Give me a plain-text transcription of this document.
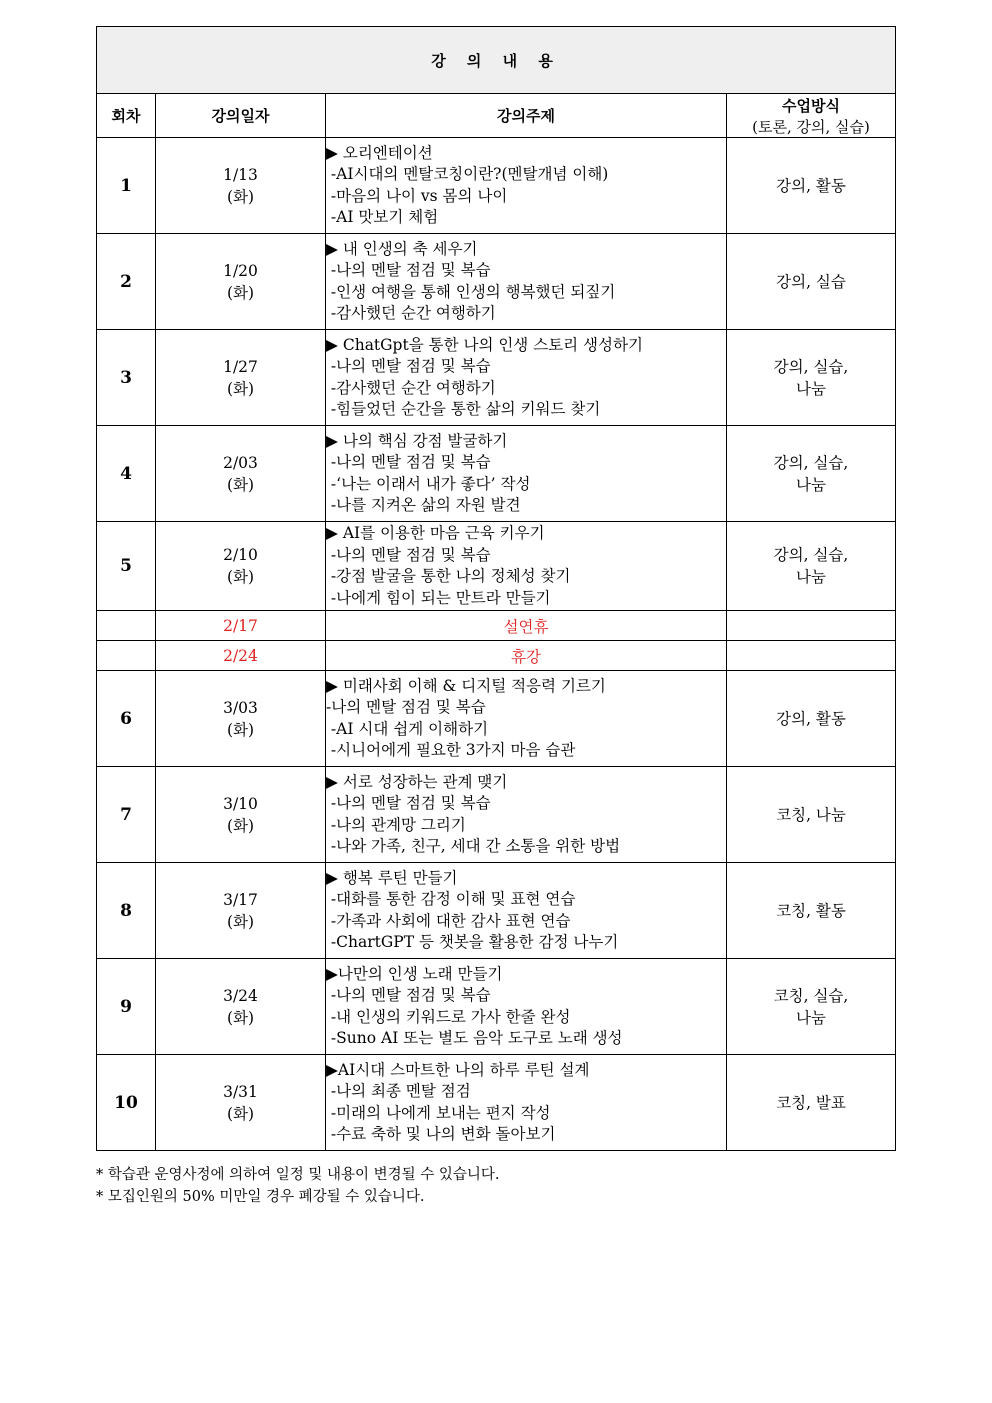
강 의 내 용			
회차	강의일자	강의주제	수업방식
(토론, 강의, 실습)

1	1/13
(화)	▶ 오리엔테이션
-AI시대의 멘탈코칭이란?(멘탈개념 이해)
-마음의 나이 vs 몸의 나이
-AI 맛보기 체험	강의, 활동

2	1/20
(화)	▶ 내 인생의 축 세우기
-나의 멘탈 점검 및 복습
-인생 여행을 통해 인생의 행복했던 되짚기
-감사했던 순간 여행하기	강의, 실습

3	1/27
(화)	▶ ChatGpt을 통한 나의 인생 스토리 생성하기
-나의 멘탈 점검 및 복습
-감사했던 순간 여행하기
-힘들었던 순간을 통한 삶의 키워드 찾기	강의, 실습,
나눔

4	2/03
(화)	▶ 나의 핵심 강점 발굴하기
-나의 멘탈 점검 및 복습
-‘나는 이래서 내가 좋다’ 작성
-나를 지켜온 삶의 자원 발견	강의, 실습,
나눔

5	2/10
(화)	▶ AI를 이용한 마음 근육 키우기
-나의 멘탈 점검 및 복습
-강점 발굴을 통한 나의 정체성 찾기
-나에게 힘이 되는 만트라 만들기	강의, 실습,
나눔

	2/17	설연휴	
	2/24	휴강	
6	3/03
(화)	▶ 미래사회 이해 & 디지털 적응력 기르기
-나의 멘탈 점검 및 복습
-AI 시대 쉽게 이해하기
-시니어에게 필요한 3가지 마음 습관	강의, 활동

7	3/10
(화)	▶ 서로 성장하는 관계 맺기
-나의 멘탈 점검 및 복습
-나의 관계망 그리기
-나와 가족, 친구, 세대 간 소통을 위한 방법	코칭, 나눔

8	3/17
(화)	▶ 행복 루틴 만들기
-대화를 통한 감정 이해 및 표현 연습
-가족과 사회에 대한 감사 표현 연습
-ChartGPT 등 챗봇을 활용한 감정 나누기	코칭, 활동

9	3/24
(화)	▶나만의 인생 노래 만들기
-나의 멘탈 점검 및 복습
-내 인생의 키워드로 가사 한줄 완성
-Suno AI 또는 별도 음악 도구로 노래 생성	코칭, 실습,
나눔

10	3/31
(화)	▶AI시대 스마트한 나의 하루 루틴 설계
-나의 최종 멘탈 점검
-미래의 나에게 보내는 편지 작성
-수료 축하 및 나의 변화 돌아보기	코칭, 발표
* 학습관 운영사정에 의하여 일정 및 내용이 변경될 수 있습니다.
* 모집인원의 50% 미만일 경우 폐강될 수 있습니다.
